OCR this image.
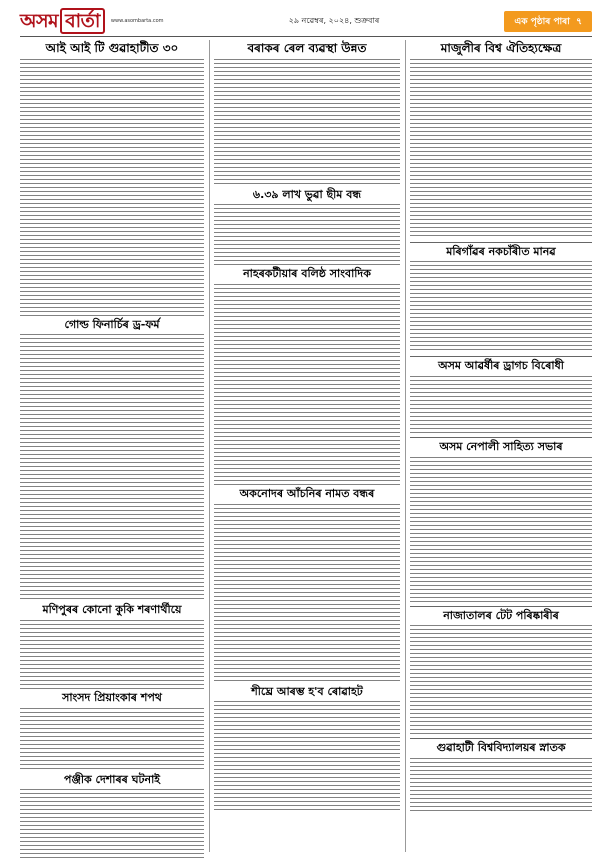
অসম বাৰ্তা	www.asombarta.com	২৯ নৱেম্বৰ, ২০২৪, শুক্ৰবাৰ	এক পৃষ্ঠাৰ পাৰা ৭
আই আই টি গুৱাহাটীত ৩০
গোল্ড ফিনাৰ্চিৰ ড্ৰ-ফৰ্ম
মণিপুৰৰ কোনো কুকি শৰণাৰ্থীয়ে
সাংসদ প্ৰিয়াংকাৰ শপথ
পঞ্জীক দেশাৰৰ ঘটনাই
বৰাকৰ ৰেল ব্যৱস্থা উন্নত
৬.৩৯ লাখ ভুৱা ছীম বন্ধ
নাহৰকটীয়াৰ বলিষ্ঠ সাংবাদিক
অকনোদৰ আঁচনিৰ নামত বন্ধৰ
শীঘ্ৰে আৰম্ভ হ'ব ৰোৱাহট
মাজুলীৰ বিশ্ব ঐতিহ্যক্ষেত্ৰ
মৰিগাঁৱৰ নকচাঁৰীত মানৱ
অসম আৱৰ্ষীৰ ড্ৰাগচ বিৰোধী
অসম নেপালী সাহিত্য সভাৰ
নাজাতালৰ টেট পৰিষ্কাৰীৰ
গুৱাহাটী বিশ্ববিদ্যালয়ৰ স্নাতক
